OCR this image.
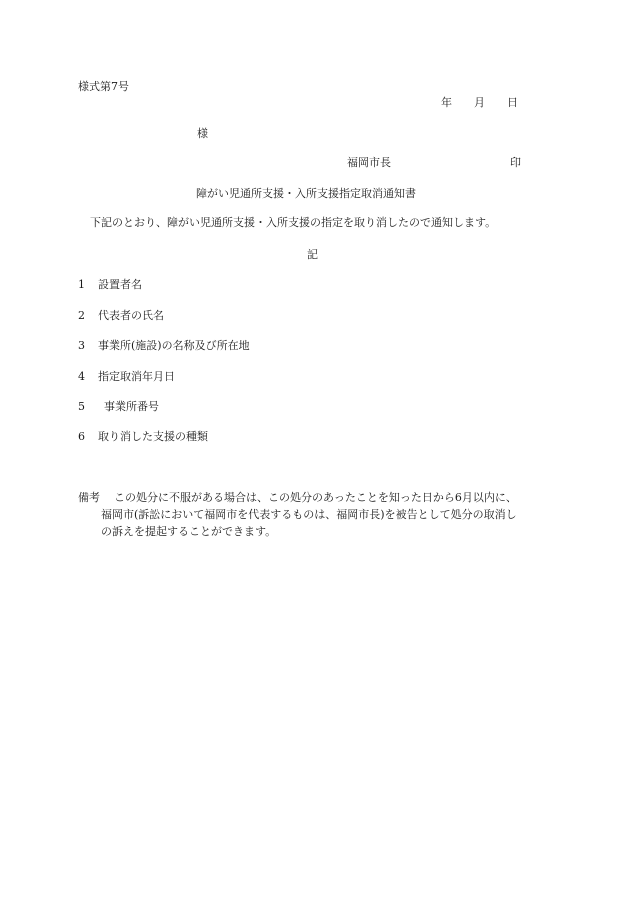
様式第7号
年 月 日
様
福岡市長	印
障がい児通所支援・入所支援指定取消通知書
下記のとおり、障がい児通所支援・入所支援の指定を取り消したので通知します。
記
1 設置者名
2 代表者の氏名
3 事業所(施設)の名称及び所在地
4 指定取消年月日
5 事業所番号
6 取り消した支援の種類
備考 この処分に不服がある場合は、この処分のあったことを知った日から6月以内に、
福岡市(訴訟において福岡市を代表するものは、福岡市長)を被告として処分の取消し
の訴えを提起することができます。
